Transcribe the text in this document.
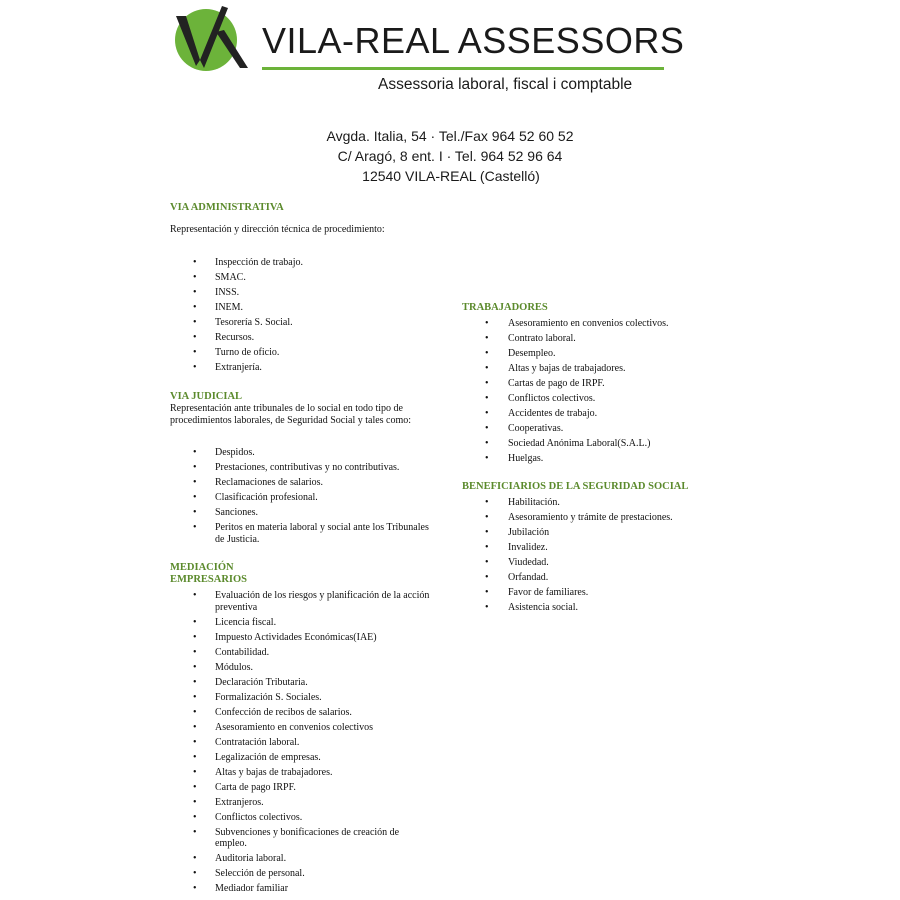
VILA-REAL ASSESSORS
Assessoria laboral, fiscal i comptable
Avgda. Italia, 54 · Tel./Fax 964 52 60 52
C/ Aragó, 8 ent. I · Tel. 964 52 96 64
12540 VILA-REAL (Castelló)
VIA ADMINISTRATIVA
Representación y dirección técnica de procedimiento:
• Inspección de trabajo.
• SMAC.
• INSS.
• INEM.
• Tesorería S. Social.
• Recursos.
• Turno de oficio.
• Extranjería.
VIA JUDICIAL
Representación ante tribunales de lo social en todo tipo de procedimientos laborales, de Seguridad Social y tales como:
• Despidos.
• Prestaciones, contributivas y no contributivas.
• Reclamaciones de salarios.
• Clasificación profesional.
• Sanciones.
• Peritos en materia laboral y social ante los Tribunales de Justicia.
MEDIACIÓN
EMPRESARIOS
• Evaluación de los riesgos y planificación de la acción preventiva
• Licencia fiscal.
• Impuesto Actividades Económicas(IAE)
• Contabilidad.
• Módulos.
• Declaración Tributaria.
• Formalización S. Sociales.
• Confección de recibos de salarios.
• Asesoramiento en convenios colectivos
• Contratación laboral.
• Legalización de empresas.
• Altas y bajas de trabajadores.
• Carta de pago IRPF.
• Extranjeros.
• Conflictos colectivos.
• Subvenciones y bonificaciones de creación de empleo.
• Auditoria laboral.
• Selección de personal.
• Mediador familiar
TRABAJADORES
• Asesoramiento en convenios colectivos.
• Contrato laboral.
• Desempleo.
• Altas y bajas de trabajadores.
• Cartas de pago de IRPF.
• Conflictos colectivos.
• Accidentes de trabajo.
• Cooperativas.
• Sociedad Anónima Laboral(S.A.L.)
• Huelgas.
BENEFICIARIOS DE LA SEGURIDAD SOCIAL
• Habilitación.
• Asesoramiento y trámite de prestaciones.
• Jubilación
• Invalidez.
• Viudedad.
• Orfandad.
• Favor de familiares.
• Asistencia social.
